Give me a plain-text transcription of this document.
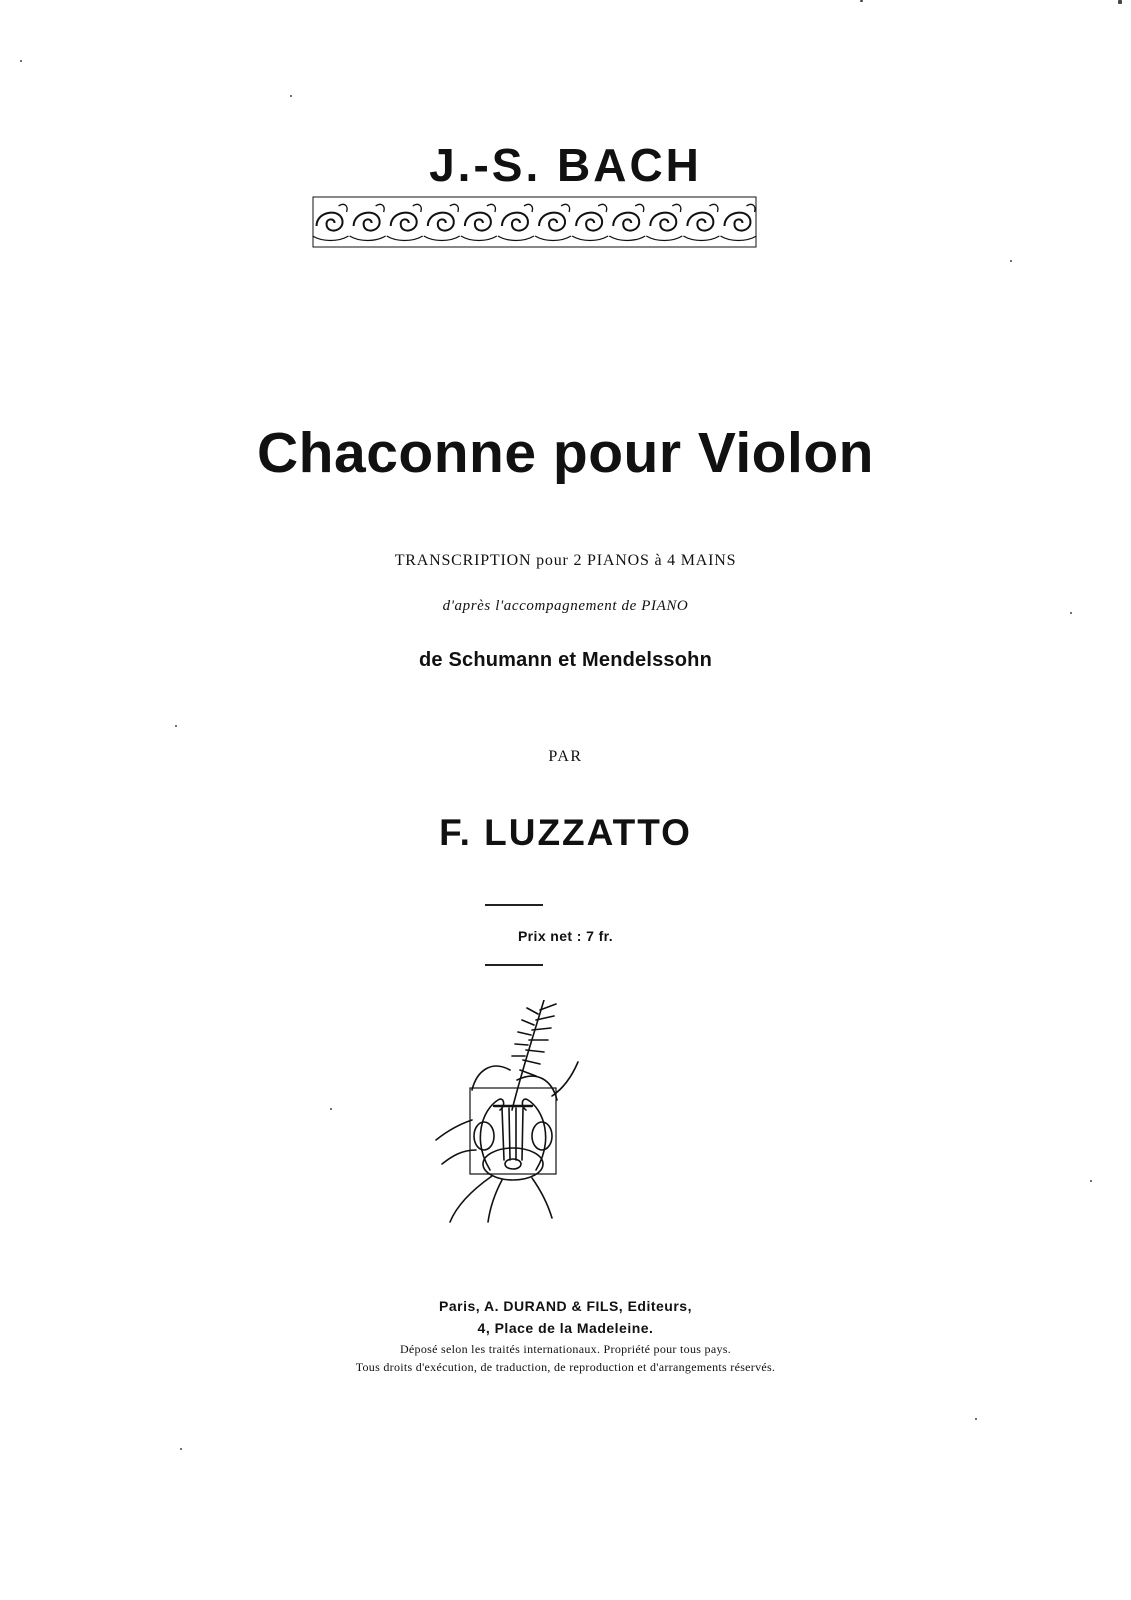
J.-S. BACH
Chaconne pour Violon
TRANSCRIPTION pour 2 PIANOS à 4 MAINS
d'après l'accompagnement de PIANO
de Schumann et Mendelssohn
PAR
F. LUZZATTO
Prix net : 7 fr.
Paris, A. DURAND & FILS, Editeurs,
4, Place de la Madeleine.
Déposé selon les traités internationaux. Propriété pour tous pays.
Tous droits d'exécution, de traduction, de reproduction et d'arrangements réservés.
